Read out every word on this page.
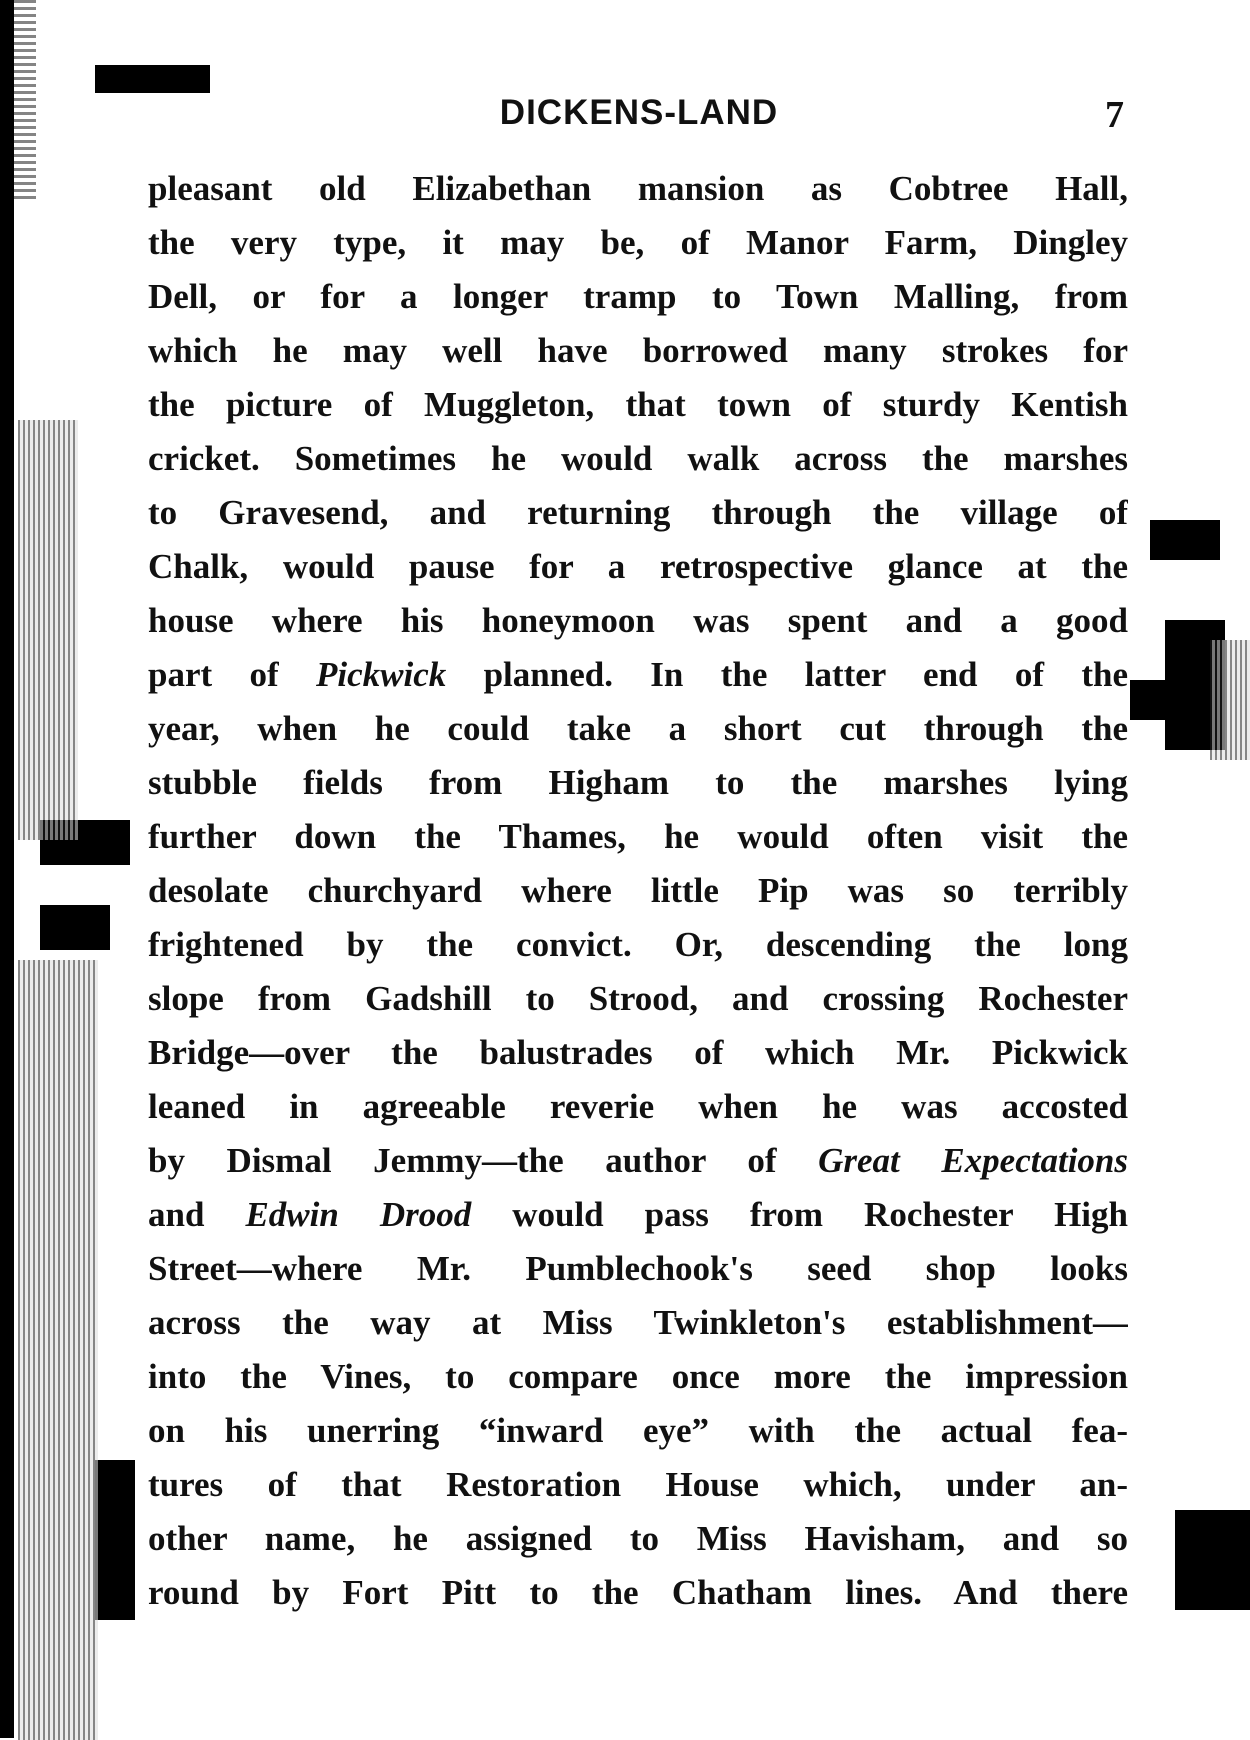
DICKENS-LAND	7
pleasant old Elizabethan mansion as Cobtree Hall,
the very type, it may be, of Manor Farm, Dingley
Dell, or for a longer tramp to Town Malling, from
which he may well have borrowed many strokes for
the picture of Muggleton, that town of sturdy Kentish
cricket. Sometimes he would walk across the marshes
to Gravesend, and returning through the village of
Chalk, would pause for a retrospective glance at the
house where his honeymoon was spent and a good
part of Pickwick planned. In the latter end of the
year, when he could take a short cut through the
stubble fields from Higham to the marshes lying
further down the Thames, he would often visit the
desolate churchyard where little Pip was so terribly
frightened by the convict. Or, descending the long
slope from Gadshill to Strood, and crossing Rochester
Bridge—over the balustrades of which Mr. Pickwick
leaned in agreeable reverie when he was accosted
by Dismal Jemmy—the author of Great Expectations
and Edwin Drood would pass from Rochester High
Street—where Mr. Pumblechook's seed shop looks
across the way at Miss Twinkleton's establishment—
into the Vines, to compare once more the impression
on his unerring “inward eye” with the actual fea-
tures of that Restoration House which, under an-
other name, he assigned to Miss Havisham, and so
round by Fort Pitt to the Chatham lines. And there
